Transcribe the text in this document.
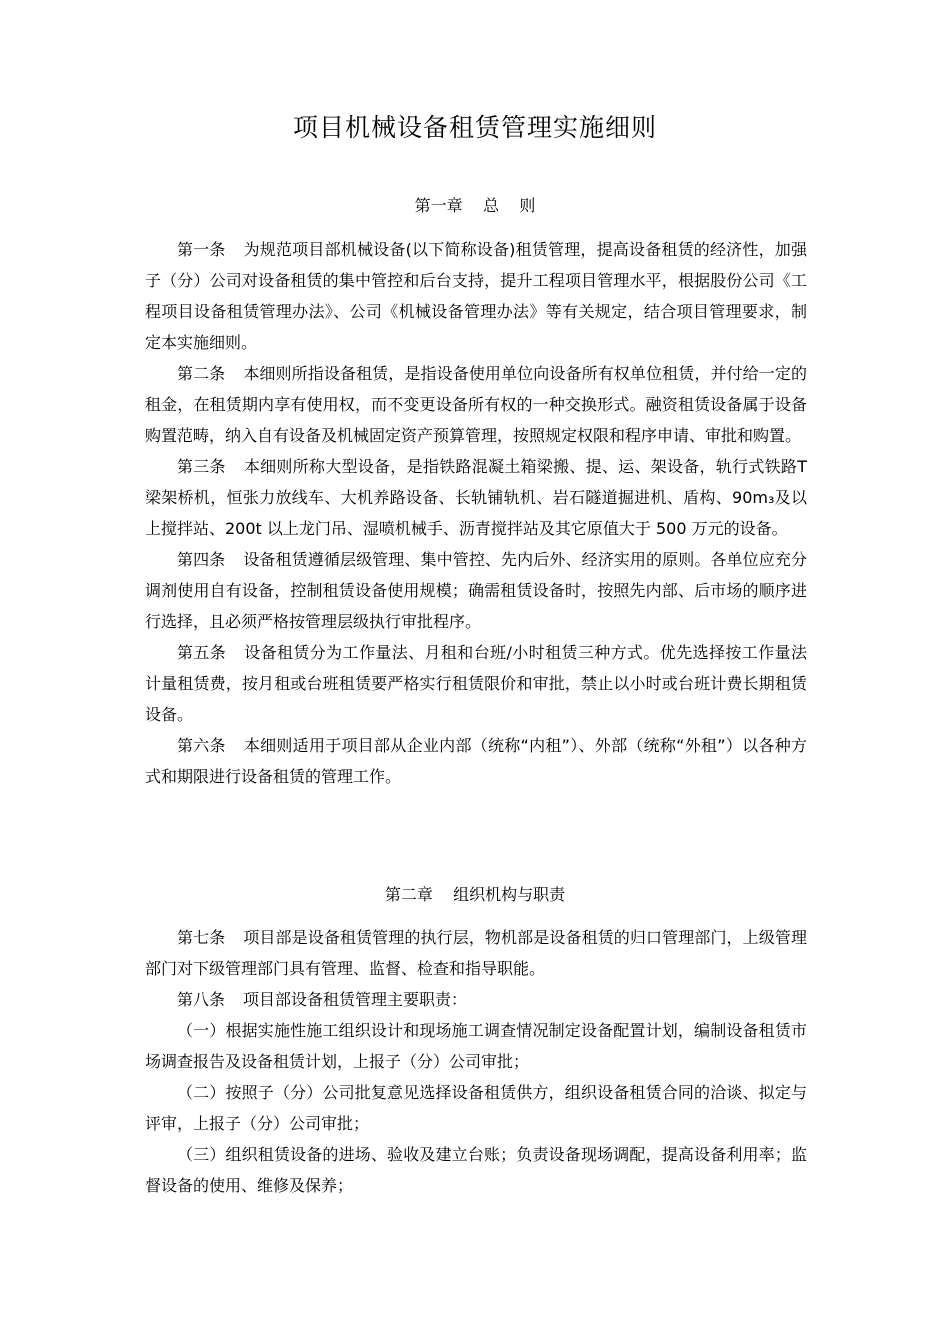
项目机械设备租赁管理实施细则
第一章    总    则

第一条 为规范项目部机械设备(以下简称设备)租赁管理，提高设备租赁的经济性，加强子（分）公司对设备租赁的集中管控和后台支持，提升工程项目管理水平，根据股份公司《工程项目设备租赁管理办法》、公司《机械设备管理办法》等有关规定，结合项目管理要求，制定本实施细则。

第二条 本细则所指设备租赁，是指设备使用单位向设备所有权单位租赁，并付给一定的租金，在租赁期内享有使用权，而不变更设备所有权的一种交换形式。融资租赁设备属于设备购置范畴，纳入自有设备及机械固定资产预算管理，按照规定权限和程序申请、审批和购置。

第三条 本细则所称大型设备，是指铁路混凝土箱梁搬、提、运、架设备，轨行式铁路T梁架桥机，恒张力放线车、大机养路设备、长轨铺轨机、岩石隧道掘进机、盾构、90m₃及以上搅拌站、200t 以上龙门吊、湿喷机械手、沥青搅拌站及其它原值大于 500 万元的设备。

第四条 设备租赁遵循层级管理、集中管控、先内后外、经济实用的原则。各单位应充分调剂使用自有设备，控制租赁设备使用规模；确需租赁设备时，按照先内部、后市场的顺序进行选择，且必须严格按管理层级执行审批程序。

第五条 设备租赁分为工作量法、月租和台班/小时租赁三种方式。优先选择按工作量法计量租赁费，按月租或台班租赁要严格实行租赁限价和审批，禁止以小时或台班计费长期租赁设备。

第六条 本细则适用于项目部从企业内部（统称“内租”）、外部（统称“外租”）以各种方式和期限进行设备租赁的管理工作。

第二章    组织机构与职责

第七条 项目部是设备租赁管理的执行层，物机部是设备租赁的归口管理部门，上级管理部门对下级管理部门具有管理、监督、检查和指导职能。

第八条 项目部设备租赁管理主要职责：

（一）根据实施性施工组织设计和现场施工调查情况制定设备配置计划，编制设备租赁市场调查报告及设备租赁计划，上报子（分）公司审批；

（二）按照子（分）公司批复意见选择设备租赁供方，组织设备租赁合同的洽谈、拟定与评审，上报子（分）公司审批；

（三）组织租赁设备的进场、验收及建立台账；负责设备现场调配，提高设备利用率；监督设备的使用、维修及保养；
